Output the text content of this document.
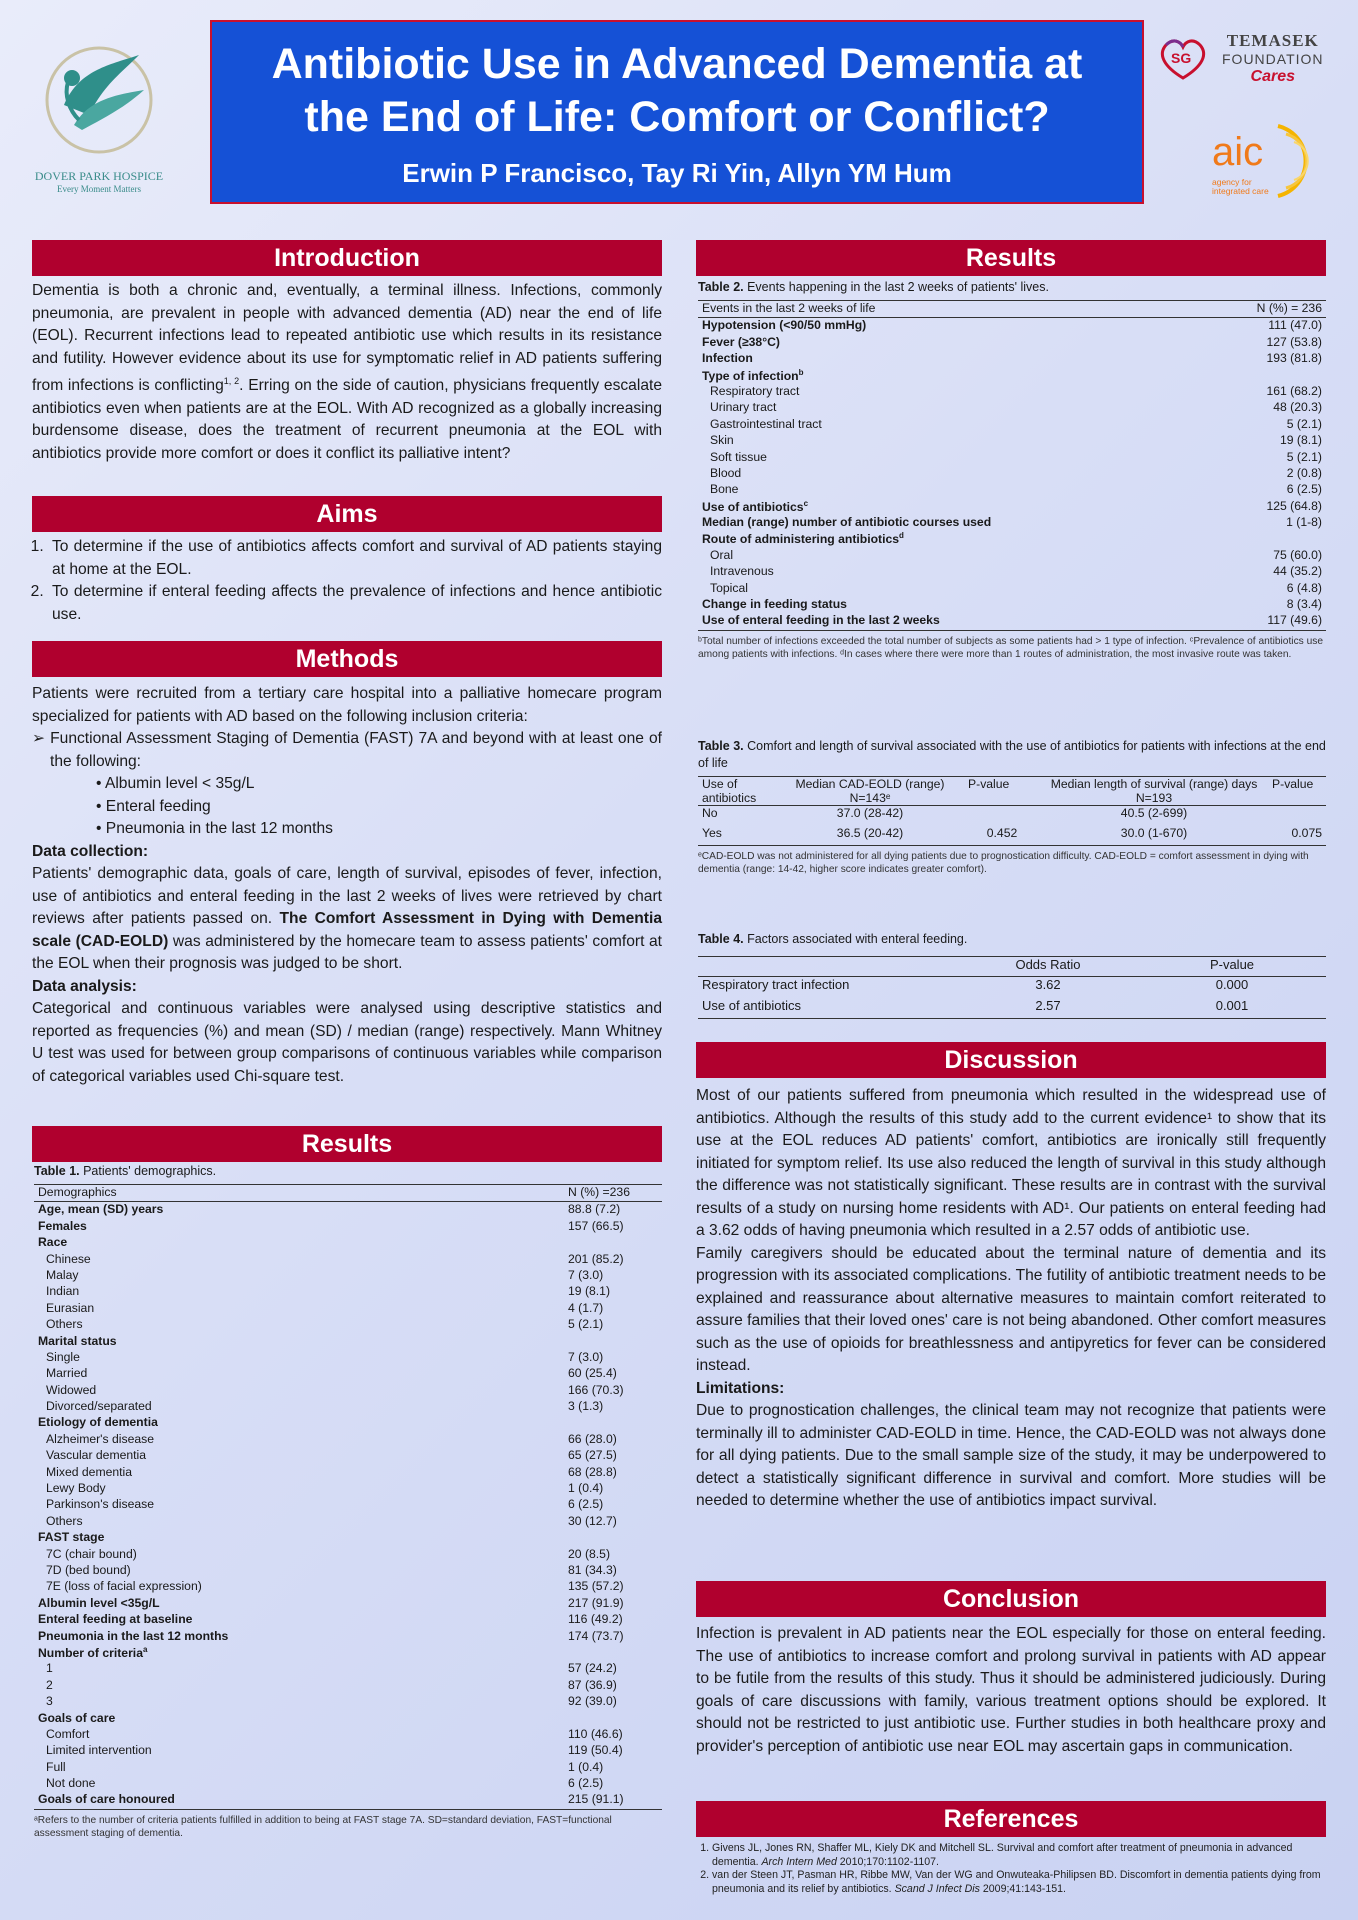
DOVER PARK HOSPICE
Every Moment Matters
Antibiotic Use in Advanced Dementia at
the End of Life: Comfort or Conflict?
Erwin P Francisco, Tay Ri Yin, Allyn YM Hum
SG
TEMASEK
FOUNDATION
Cares
aic
agency for integrated care
Introduction
Dementia is both a chronic and, eventually, a terminal illness. Infections, commonly pneumonia, are prevalent in people with advanced dementia (AD) near the end of life (EOL). Recurrent infections lead to repeated antibiotic use which results in its resistance and futility. However evidence about its use for symptomatic relief in AD patients suffering from infections is conflicting$^{1, 2}$. Erring on the side of caution, physicians frequently escalate antibiotics even when patients are at the EOL. With AD recognized as a globally increasing burdensome disease, does the treatment of recurrent pneumonia at the EOL with antibiotics provide more comfort or does it conflict its palliative intent?
Aims
1. To determine if the use of antibiotics affects comfort and survival of AD patients staying at home at the EOL.
2. To determine if enteral feeding affects the prevalence of infections and hence antibiotic use.
Methods

Patients were recruited from a tertiary care hospital into a palliative homecare program specialized for patients with AD based on the following inclusion criteria:

➢ Functional Assessment Staging of Dementia (FAST) 7A and beyond with at least one of the following:

• Albumin level < 35g/L
• Enteral feeding
• Pneumonia in the last 12 months

Data collection:

Patients' demographic data, goals of care, length of survival, episodes of fever, infection, use of antibiotics and enteral feeding in the last 2 weeks of lives were retrieved by chart reviews after patients passed on. The Comfort Assessment in Dying with Dementia scale (CAD-EOLD) was administered by the homecare team to assess patients' comfort at the EOL when their prognosis was judged to be short.

Data analysis:

Categorical and continuous variables were analysed using descriptive statistics and reported as frequencies (%) and mean (SD) / median (range) respectively. Mann Whitney U test was used for between group comparisons of continuous variables while comparison of categorical variables used Chi-square test.

Results
Table 1. Patients' demographics.
Demographics	N (%) =236
Age, mean (SD) years	88.8 (7.2)
Females	157 (66.5)
Race	
Chinese	201 (85.2)
Malay	7 (3.0)
Indian	19 (8.1)
Eurasian	4 (1.7)
Others	5 (2.1)
Marital status	
Single	7 (3.0)
Married	60 (25.4)
Widowed	166 (70.3)
Divorced/separated	3 (1.3)
Etiology of dementia	
Alzheimer's disease	66 (28.0)
Vascular dementia	65 (27.5)
Mixed dementia	68 (28.8)
Lewy Body	1 (0.4)
Parkinson's disease	6 (2.5)
Others	30 (12.7)
FAST stage	
7C (chair bound)	20 (8.5)
7D (bed bound)	81 (34.3)
7E (loss of facial expression)	135 (57.2)
Albumin level <35g/L	217 (91.9)
Enteral feeding at baseline	116 (49.2)
Pneumonia in the last 12 months	174 (73.7)
Number of criteria$^a$	
1	57 (24.2)
2	87 (36.9)
3	92 (39.0)
Goals of care	
Comfort	110 (46.6)
Limited intervention	119 (50.4)
Full	1 (0.4)
Not done	6 (2.5)
Goals of care honoured	215 (91.1)
ᵃRefers to the number of criteria patients fulfilled in addition to being at FAST stage 7A. SD=standard deviation, FAST=functional assessment staging of dementia.
Results
Table 2. Events happening in the last 2 weeks of patients' lives.
Events in the last 2 weeks of life	N (%) = 236
Hypotension (<90/50 mmHg)	111 (47.0)
Fever (≥38°C)	127 (53.8)
Infection	193 (81.8)
Type of infection$^b$	
Respiratory tract	161 (68.2)
Urinary tract	48 (20.3)
Gastrointestinal tract	5 (2.1)
Skin	19 (8.1)
Soft tissue	5 (2.1)
Blood	2 (0.8)
Bone	6 (2.5)
Use of antibiotics$^c$	125 (64.8)
Median (range) number of antibiotic courses used	1 (1-8)
Route of administering antibiotics$^d$	
Oral	75 (60.0)
Intravenous	44 (35.2)
Topical	6 (4.8)
Change in feeding status	8 (3.4)
Use of enteral feeding in the last 2 weeks	117 (49.6)
ᵇTotal number of infections exceeded the total number of subjects as some patients had > 1 type of infection. ᶜPrevalence of antibiotics use among patients with infections. ᵈIn cases where there were more than 1 routes of administration, the most invasive route was taken.
Table 3. Comfort and length of survival associated with the use of antibiotics for patients with infections at the end of life
Use of antibiotics	Median CAD-EOLD (range) N=143ᵉ	P-value	Median length of survival (range) days N=193	P-value
No	37.0 (28-42)		40.5 (2-699)	
Yes	36.5 (20-42)	0.452	30.0 (1-670)	0.075
ᵉCAD-EOLD was not administered for all dying patients due to prognostication difficulty. CAD-EOLD = comfort assessment in dying with dementia (range: 14-42, higher score indicates greater comfort).
Table 4. Factors associated with enteral feeding.
	Odds Ratio	P-value
Respiratory tract infection	3.62	0.000
Use of antibiotics	2.57	0.001
Discussion

Most of our patients suffered from pneumonia which resulted in the widespread use of antibiotics. Although the results of this study add to the current evidence¹ to show that its use at the EOL reduces AD patients' comfort, antibiotics are ironically still frequently initiated for symptom relief. Its use also reduced the length of survival in this study although the difference was not statistically significant. These results are in contrast with the survival results of a study on nursing home residents with AD¹. Our patients on enteral feeding had a 3.62 odds of having pneumonia which resulted in a 2.57 odds of antibiotic use.

Family caregivers should be educated about the terminal nature of dementia and its progression with its associated complications. The futility of antibiotic treatment needs to be explained and reassurance about alternative measures to maintain comfort reiterated to assure families that their loved ones' care is not being abandoned. Other comfort measures such as the use of opioids for breathlessness and antipyretics for fever can be considered instead.

Limitations:

Due to prognostication challenges, the clinical team may not recognize that patients were terminally ill to administer CAD-EOLD in time. Hence, the CAD-EOLD was not always done for all dying patients. Due to the small sample size of the study, it may be underpowered to detect a statistically significant difference in survival and comfort. More studies will be needed to determine whether the use of antibiotics impact survival.

Conclusion
Infection is prevalent in AD patients near the EOL especially for those on enteral feeding. The use of antibiotics to increase comfort and prolong survival in patients with AD appear to be futile from the results of this study. Thus it should be administered judiciously. During goals of care discussions with family, various treatment options should be explored. It should not be restricted to just antibiotic use. Further studies in both healthcare proxy and provider's perception of antibiotic use near EOL may ascertain gaps in communication.
References
1. Givens JL, Jones RN, Shaffer ML, Kiely DK and Mitchell SL. Survival and comfort after treatment of pneumonia in advanced dementia. Arch Intern Med 2010;170:1102-1107.
2. van der Steen JT, Pasman HR, Ribbe MW, Van der WG and Onwuteaka-Philipsen BD. Discomfort in dementia patients dying from pneumonia and its relief by antibiotics. Scand J Infect Dis 2009;41:143-151.
